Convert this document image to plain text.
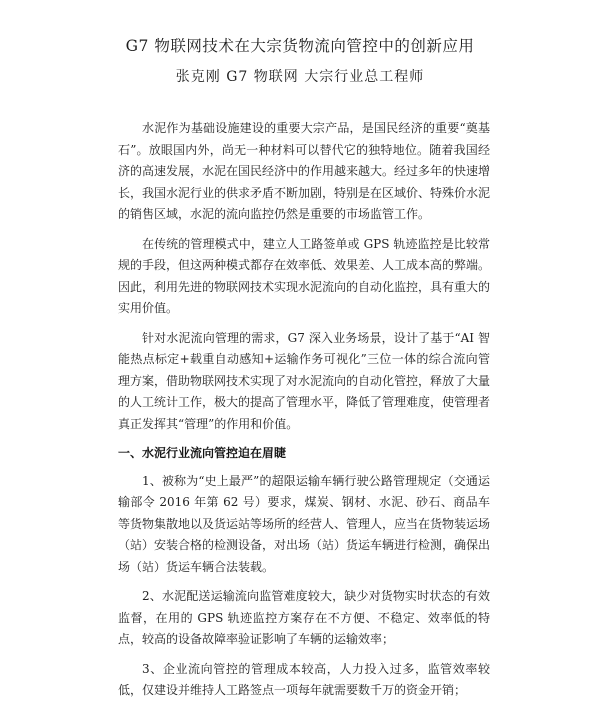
G7 物联网技术在大宗货物流向管控中的创新应用
张克刚 G7 物联网 大宗行业总工程师

水泥作为基础设施建设的重要大宗产品，是国民经济的重要“奠基石”。放眼国内外，尚无一种材料可以替代它的独特地位。随着我国经济的高速发展，水泥在国民经济中的作用越来越大。经过多年的快速增长，我国水泥行业的供求矛盾不断加剧，特别是在区域价、特殊价水泥的销售区域，水泥的流向监控仍然是重要的市场监管工作。

在传统的管理模式中，建立人工路签单或 GPS 轨迹监控是比较常规的手段，但这两种模式都存在效率低、效果差、人工成本高的弊端。因此，利用先进的物联网技术实现水泥流向的自动化监控，具有重大的实用价值。

针对水泥流向管理的需求，G7 深入业务场景，设计了基于“AI 智能热点标定+载重自动感知+运输作务可视化”三位一体的综合流向管理方案，借助物联网技术实现了对水泥流向的自动化管控，释放了大量的人工统计工作，极大的提高了管理水平，降低了管理难度，使管理者真正发挥其“管理”的作用和价值。

一、水泥行业流向管控迫在眉睫

1、被称为“史上最严”的超限运输车辆行驶公路管理规定（交通运输部令 2016 年第 62 号）要求，煤炭、钢材、水泥、砂石、商品车等货物集散地以及货运站等场所的经营人、管理人，应当在货物装运场（站）安装合格的检测设备，对出场（站）货运车辆进行检测，确保出场（站）货运车辆合法装载。

2、水泥配送运输流向监管难度较大，缺少对货物实时状态的有效监督，在用的 GPS 轨迹监控方案存在不方便、不稳定、效率低的特点，较高的设备故障率验证影响了车辆的运输效率；

3、企业流向管控的管理成本较高，人力投入过多，监管效率较低，仅建设并维持人工路签点一项每年就需要数千万的资金开销；
